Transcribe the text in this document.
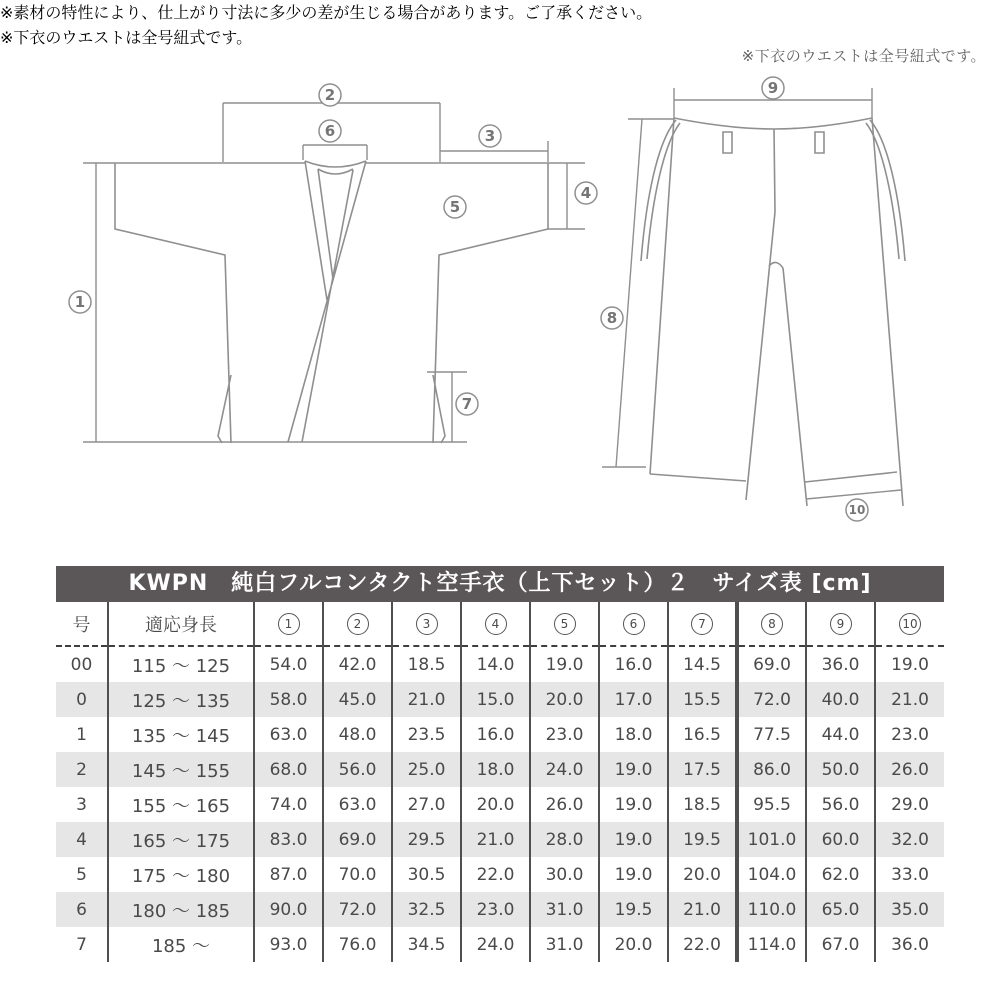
※下衣のウエストは全号紐式です。
1
2
3
4
5
6
7
8
9
10
※素材の特性により、仕上がり寸法に多少の差が生じる場合があります。ご了承ください。
※下衣のウエストは全号紐式です。
KWPN　純白フルコンタクト空手衣（上下セット）２　サイズ表 [cm]
号	適応身長	1	2	3	4	5	6	7	8	9	10
00	115 〜 125	54.0	42.0	18.5	14.0	19.0	16.0	14.5	69.0	36.0	19.0
0	125 〜 135	58.0	45.0	21.0	15.0	20.0	17.0	15.5	72.0	40.0	21.0
1	135 〜 145	63.0	48.0	23.5	16.0	23.0	18.0	16.5	77.5	44.0	23.0
2	145 〜 155	68.0	56.0	25.0	18.0	24.0	19.0	17.5	86.0	50.0	26.0
3	155 〜 165	74.0	63.0	27.0	20.0	26.0	19.0	18.5	95.5	56.0	29.0
4	165 〜 175	83.0	69.0	29.5	21.0	28.0	19.0	19.5	101.0	60.0	32.0
5	175 〜 180	87.0	70.0	30.5	22.0	30.0	19.0	20.0	104.0	62.0	33.0
6	180 〜 185	90.0	72.0	32.5	23.0	31.0	19.5	21.0	110.0	65.0	35.0
7	185 〜	93.0	76.0	34.5	24.0	31.0	20.0	22.0	114.0	67.0	36.0
